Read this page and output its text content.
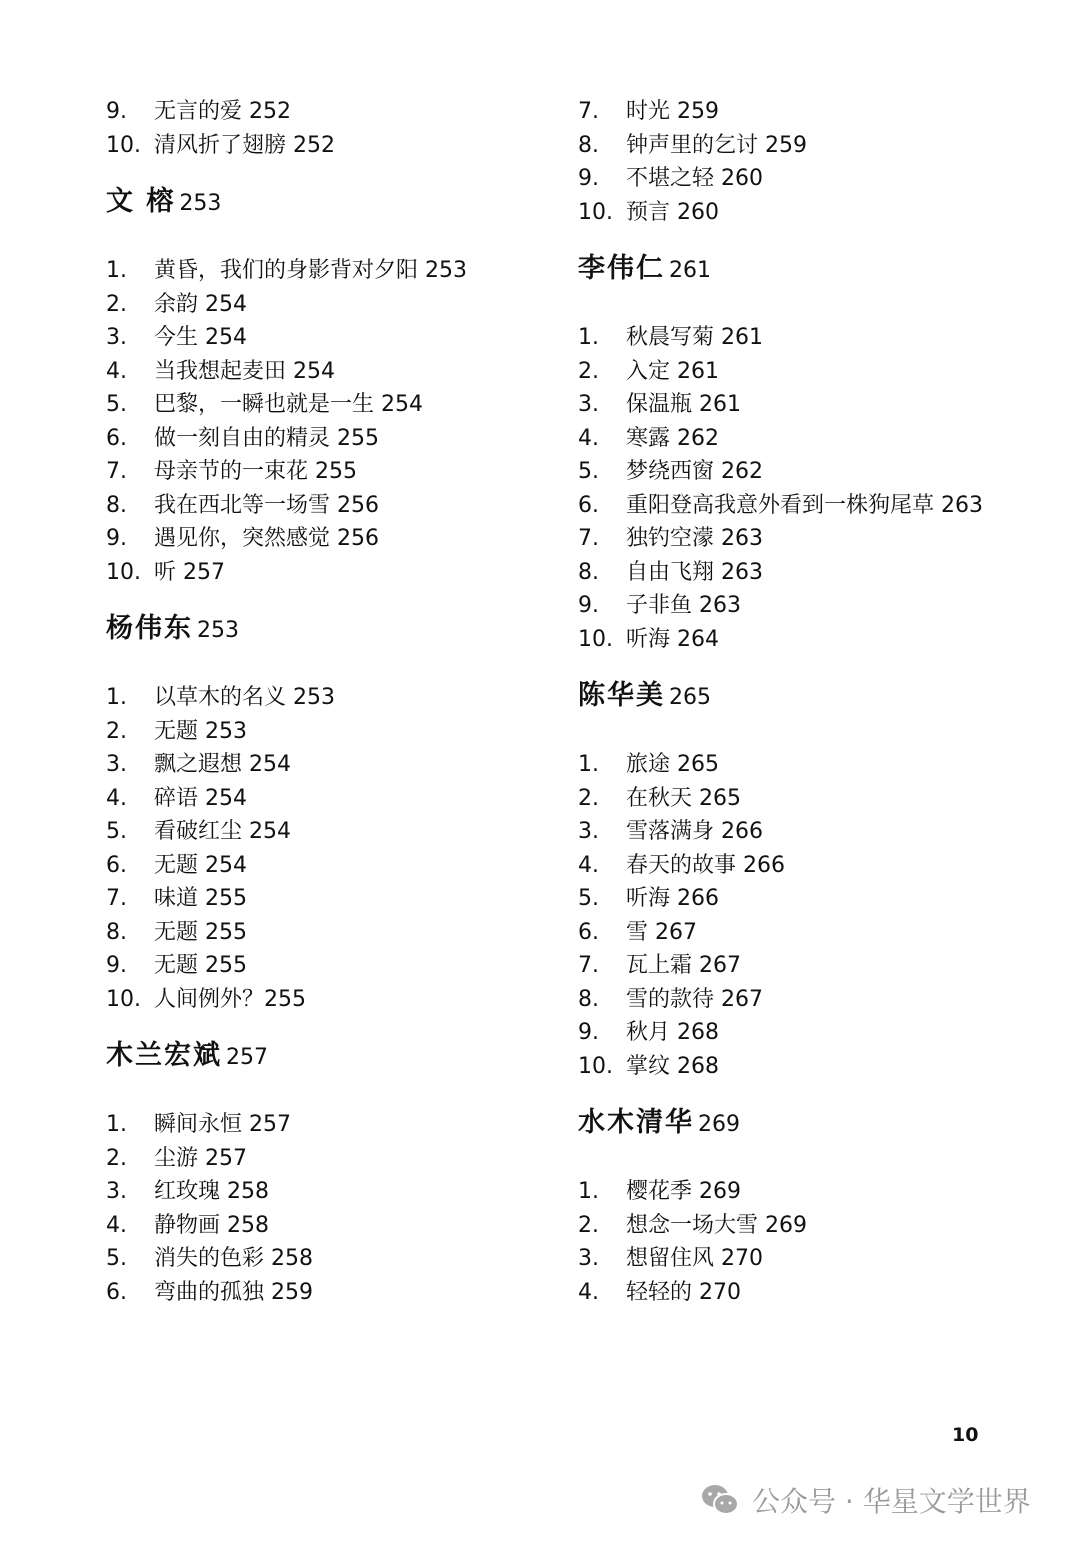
9.	无言的爱 252
10. 清风折了翅膀 252
文 榕 253
1.	黄昏，我们的身影背对夕阳 253
2.	余韵 254
3.	今生 254
4.	当我想起麦田 254
5.	巴黎，一瞬也就是一生 254
6.	做一刻自由的精灵 255
7.	母亲节的一束花 255
8.	我在西北等一场雪 256
9.	遇见你，突然感觉 256
10. 听 257
杨伟东 253
1.	以草木的名义 253
2.	无题 253
3.	飘之遐想 254
4.	碎语 254
5.	看破红尘 254
6.	无题 254
7.	味道 255
8.	无题 255
9.	无题 255
10. 人间例外？255
木兰宏斌 257
1.	瞬间永恒 257
2.	尘游 257
3.	红玫瑰 258
4.	静物画 258
5.	消失的色彩 258
6.	弯曲的孤独 259
7.	时光 259
8.	钟声里的乞讨 259
9.	不堪之轻 260
10. 预言 260
李伟仁 261
1.	秋晨写菊 261
2.	入定 261
3.	保温瓶 261
4.	寒露 262
5.	梦绕西窗 262
6.	重阳登高我意外看到一株狗尾草 263
7.	独钓空濛 263
8.	自由飞翔 263
9.	子非鱼 263
10. 听海 264
陈华美 265
1.	旅途 265
2.	在秋天 265
3.	雪落满身 266
4.	春天的故事 266
5.	听海 266
6.	雪 267
7.	瓦上霜 267
8.	雪的款待 267
9.	秋月 268
10. 掌纹 268
水木清华 269
1.	樱花季 269
2.	想念一场大雪 269
3.	想留住风 270
4.	轻轻的 270
10
公众号 · 华星文学世界
